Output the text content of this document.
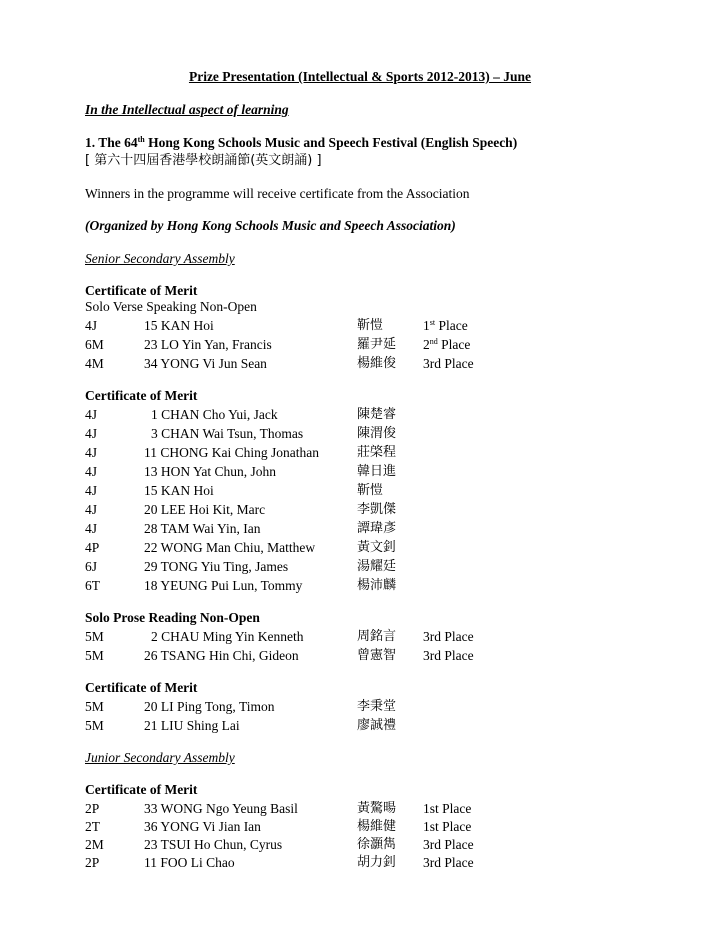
Prize Presentation (Intellectual & Sports 2012-2013) – June
In the Intellectual aspect of learning
1. The 64th Hong Kong Schools Music and Speech Festival (English Speech)
[ 第六十四屆香港學校朗誦節(英文朗誦) ]
Winners in the programme will receive certificate from the Association
(Organized by Hong Kong Schools Music and Speech Association)
Senior Secondary Assembly
Certificate of Merit
Solo Verse Speaking Non-Open
4J	15 KAN Hoi	靳愷	1st Place
6M	23 LO Yin Yan, Francis	羅尹延 2nd Place
4M	34 YONG Vi Jun Sean	楊維俊 3rd Place
Certificate of Merit
4J	1 CHAN Cho Yui, Jack	陳楚睿
4J	3 CHAN Wai Tsun, Thomas	陳渭俊
4J	11 CHONG Kai Ching Jonathan	莊棨程
4J	13 HON Yat Chun, John	韓日進
4J	15 KAN Hoi	靳愷
4J	20 LEE Hoi Kit, Marc	李凱傑
4J	28 TAM Wai Yin, Ian	譚瑋彥
4P	22 WONG Man Chiu, Matthew	黃文釗
6J	29 TONG Yiu Ting, James	湯耀廷
6T	18 YEUNG Pui Lun, Tommy	楊沛麟
Solo Prose Reading Non-Open
5M	2 CHAU Ming Yin Kenneth	周銘言 3rd Place
5M	26 TSANG Hin Chi, Gideon	曾憲智 3rd Place
Certificate of Merit
5M	20 LI Ping Tong, Timon	李秉堂
5M	21 LIU Shing Lai	廖誠禮
Junior Secondary Assembly
Certificate of Merit
2P	33 WONG Ngo Yeung Basil	黃驁暘 1st Place
2T	36 YONG Vi Jian Ian	楊維健 1st Place
2M	23 TSUI Ho Chun, Cyrus	徐灝雋 3rd Place
2P	11 FOO Li Chao	胡力釗 3rd Place
